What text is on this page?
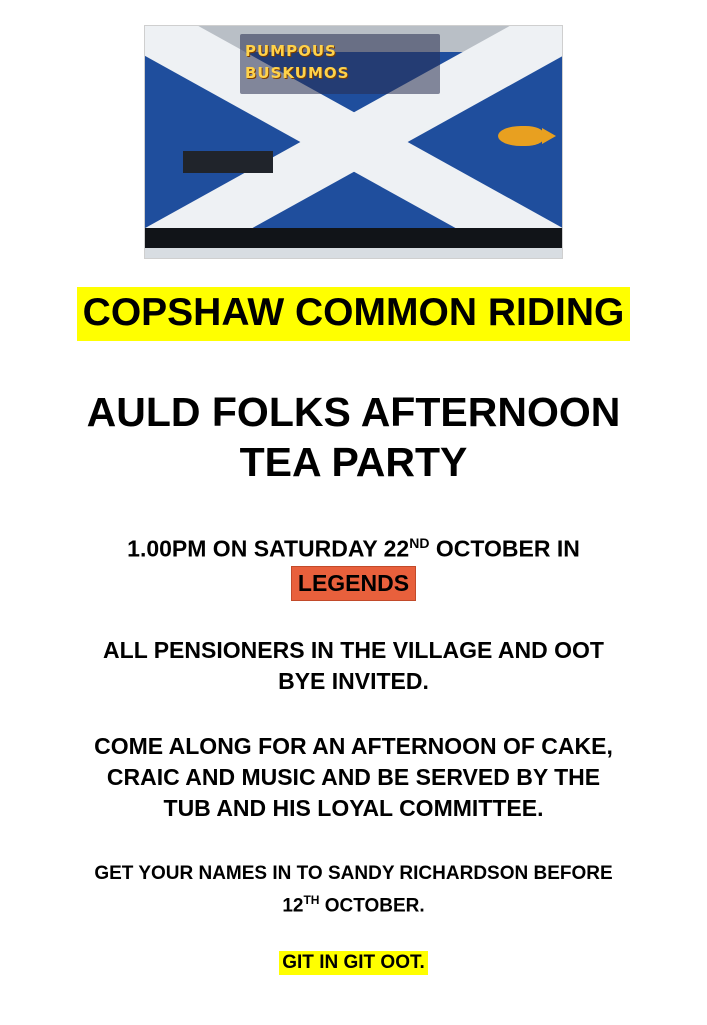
PUMPOUS
BUSKUMOS
COPSHAW COMMON RIDING
AULD FOLKS AFTERNOON
TEA PARTY
1.00PM ON SATURDAY 22ND OCTOBER IN
LEGENDS
ALL PENSIONERS IN THE VILLAGE AND OOT
BYE INVITED.
COME ALONG FOR AN AFTERNOON OF CAKE,
CRAIC AND MUSIC AND BE SERVED BY THE
TUB AND HIS LOYAL COMMITTEE.
GET YOUR NAMES IN TO SANDY RICHARDSON BEFORE
12TH OCTOBER.
GIT IN GIT OOT.
